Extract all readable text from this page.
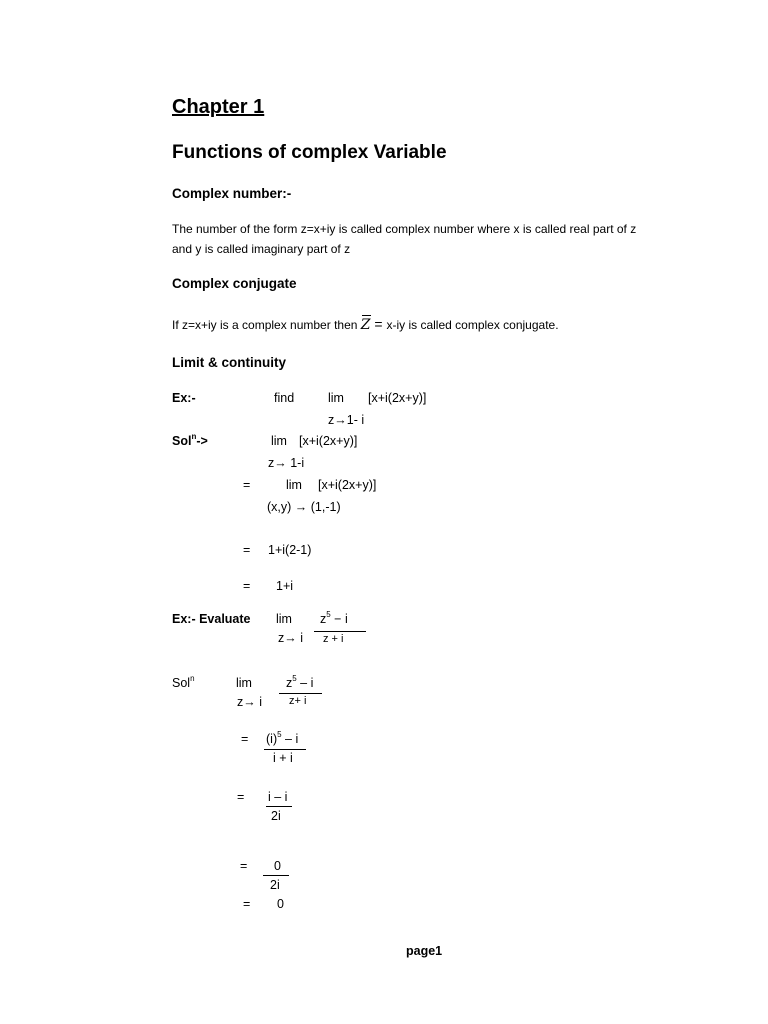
Chapter 1
Functions of complex Variable
Complex number:-
The number of the form z=x+iy is called complex number where x is called real part of z
and y is called imaginary part of z
Complex conjugate
If z=x+iy is a complex number then Z = x-iy is called complex conjugate.
Limit & continuity
Ex:-	find	lim [x+i(2x+y)]
z→1- i
Sol$^n$->	lim [x+i(2x+y)]
z→ 1-i
=	lim [x+i(2x+y)]
(x,y) → (1,-1)
= 1+i(2-1)
= 1+i
Ex:- Evaluate lim
z→ i
$z^5 - i$
z + i
Sol$^n$	lim
z→ i
$z^5$ – i
z+ i
= $(i)^5$ – i
i + i
= i – i
2i
= 0
2i
= 0
page1
